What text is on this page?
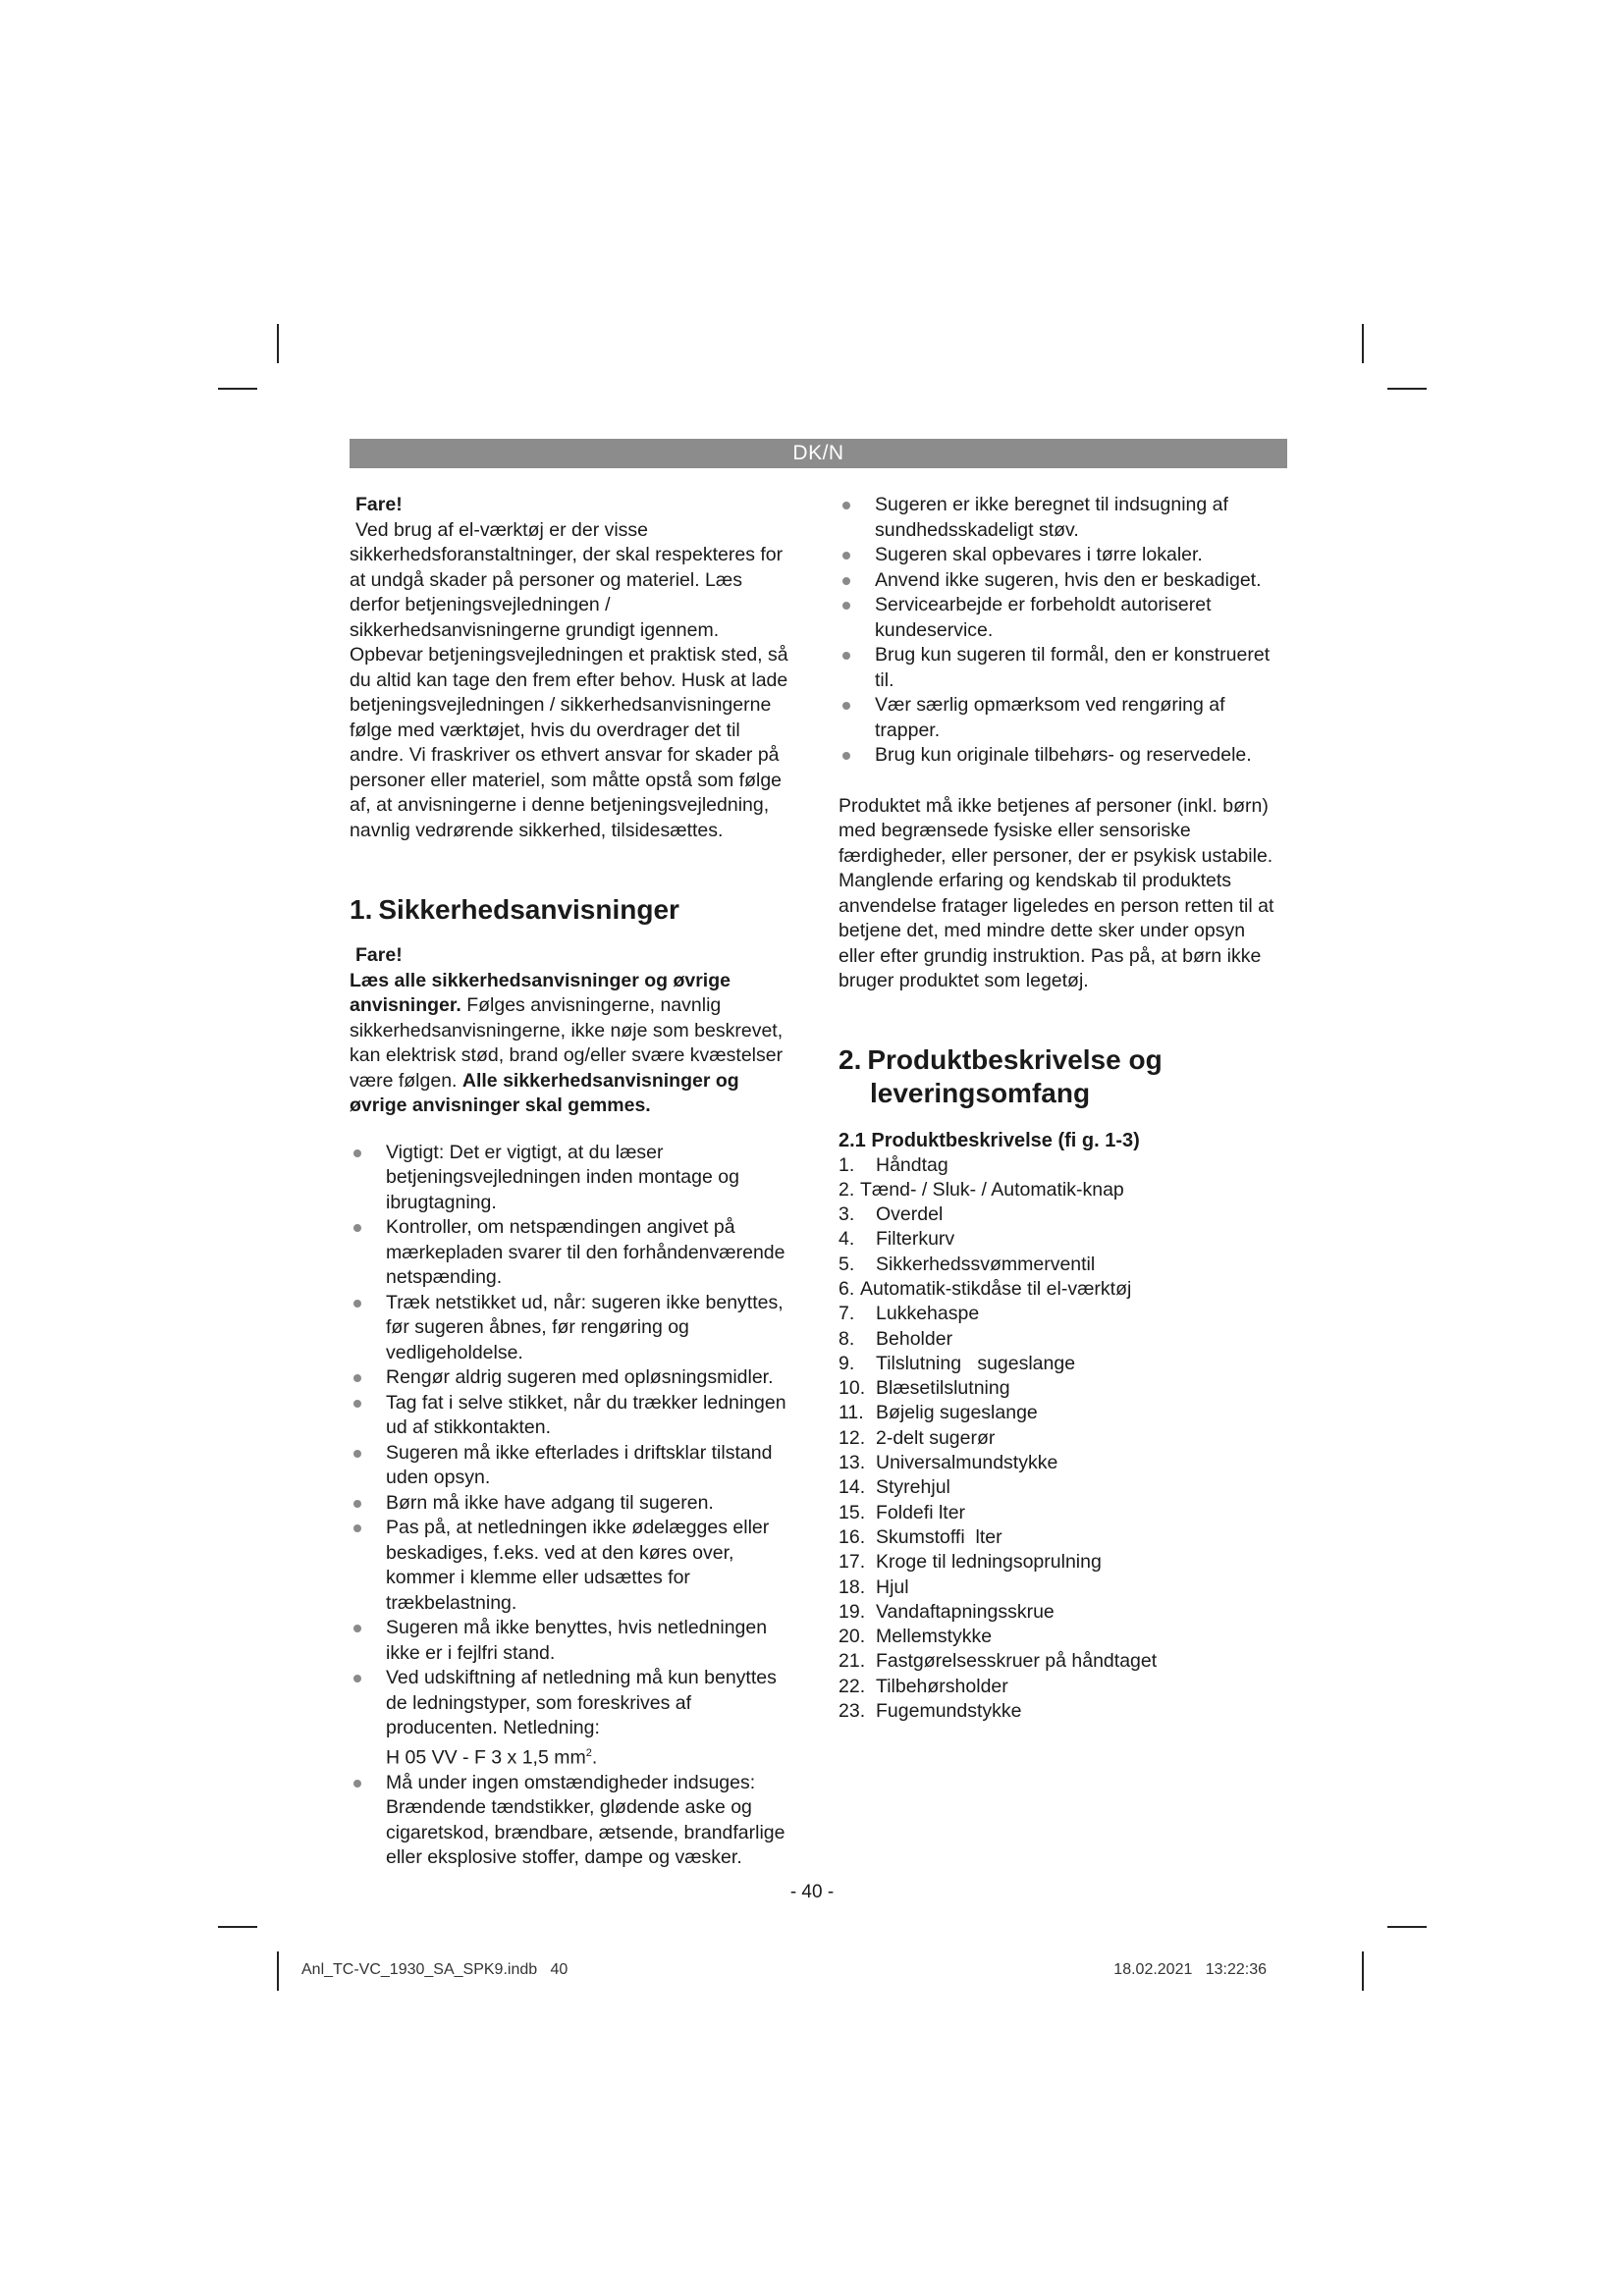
DK/N
Fare!

Ved brug af el-værktøj er der visse sikkerhedsforanstaltninger, der skal respekteres for at undgå skader på personer og materiel. Læs derfor betjeningsvejledningen / sikkerhedsanvisningerne grundigt igennem. Opbevar betjeningsvejledningen et praktisk sted, så du altid kan tage den frem efter behov. Husk at lade betjeningsvejledningen / sikkerhedsanvisningerne følge med værktøjet, hvis du overdrager det til andre. Vi fraskriver os ethvert ansvar for skader på personer eller materiel, som måtte opstå som følge af, at anvisningerne i denne betjeningsvejledning, navnlig vedrørende sikkerhed, tilsidesættes.

1. Sikkerhedsanvisninger
Fare!

Læs alle sikkerhedsanvisninger og øvrige anvisninger. Følges anvisningerne, navnlig sikkerhedsanvisningerne, ikke nøje som beskrevet, kan elektrisk stød, brand og/eller svære kvæstelser være følgen. Alle sikkerhedsanvisninger og øvrige anvisninger skal gemmes.

Vigtigt: Det er vigtigt, at du læser betjeningsvejledningen inden montage og ibrugtagning.
Kontroller, om netspændingen angivet på mærkepladen svarer til den forhåndenværende netspænding.
Træk netstikket ud, når: sugeren ikke benyttes, før sugeren åbnes, før rengøring og vedligeholdelse.
Rengør aldrig sugeren med opløsningsmidler.
Tag fat i selve stikket, når du trækker ledningen ud af stikkontakten.
Sugeren må ikke efterlades i driftsklar tilstand uden opsyn.
Børn må ikke have adgang til sugeren.
Pas på, at netledningen ikke ødelægges eller beskadiges, f.eks. ved at den køres over, kommer i klemme eller udsættes for trækbelastning.
Sugeren må ikke benyttes, hvis netledningen ikke er i fejlfri stand.
Ved udskiftning af netledning må kun benyttes de ledningstyper, som foreskrives af producenten. Netledning:
H 05 VV - F 3 x 1,5 $mm^2$.
Må under ingen omstændigheder indsuges: Brændende tændstikker, glødende aske og cigaretskod, brændbare, ætsende, brandfarlige eller eksplosive stoffer, dampe og væsker.
Sugeren er ikke beregnet til indsugning af sundhedsskadeligt støv.
Sugeren skal opbevares i tørre lokaler.
Anvend ikke sugeren, hvis den er beskadiget.
Servicearbejde er forbeholdt autoriseret kundeservice.
Brug kun sugeren til formål, den er konstrueret til.
Vær særlig opmærksom ved rengøring af trapper.
Brug kun originale tilbehørs- og reservedele.

Produktet må ikke betjenes af personer (inkl. børn) med begrænsede fysiske eller sensoriske færdigheder, eller personer, der er psykisk ustabile. Manglende erfaring og kendskab til produktets anvendelse fratager ligeledes en person retten til at betjene det, med mindre dette sker under opsyn eller efter grundig instruktion. Pas på, at børn ikke bruger produktet som legetøj.

2. Produktbeskrivelse og leveringsomfang
2.1 Produktbeskrivelse (fi g. 1-3)
1.	Håndtag
2. Tænd- / Sluk- / Automatik-knap
3.	Overdel
4.	Filterkurv
5.	Sikkerhedssvømmerventil
6. Automatik-stikdåse til el-værktøj
7.	Lukkehaspe
8.	Beholder
9.	Tilslutning   sugeslange
10. Blæsetilslutning
11. Bøjelig sugeslange
12. 2-delt sugerør
13. Universalmundstykke
14. Styrehjul
15. Foldefi lter
16. Skumstoffi  lter
17. Kroge til ledningsoprulning
18. Hjul
19. Vandaftapningsskrue
20. Mellemstykke
21. Fastgørelsesskruer på håndtaget
22. Tilbehørsholder
23. Fugemundstykke
- 40 -
Anl_TC-VC_1930_SA_SPK9.indb   40	18.02.2021   13:22:36
